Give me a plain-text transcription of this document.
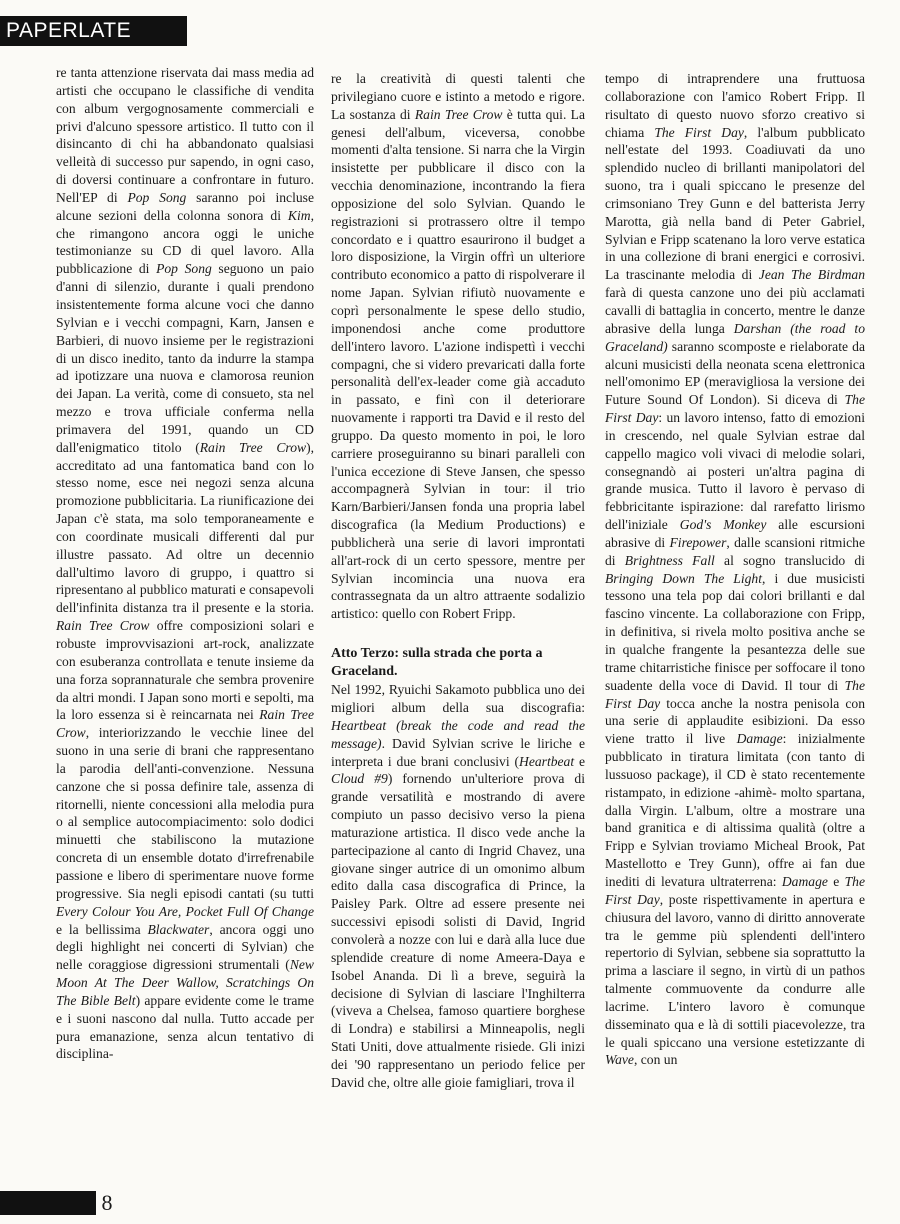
PAPERLATE

re tanta attenzione riservata dai mass media ad artisti che occupano le classifiche di vendita con album vergognosamente commerciali e privi d'alcuno spessore artistico. Il tutto con il disincanto di chi ha abbandonato qualsiasi velleità di successo pur sapendo, in ogni caso, di doversi continuare a confrontare in futuro. Nell'EP di Pop Song saranno poi incluse alcune sezioni della colonna sonora di Kim, che rimangono ancora oggi le uniche testimonianze su CD di quel lavoro. Alla pubblicazione di Pop Song seguono un paio d'anni di silenzio, durante i quali prendono insistentemente forma alcune voci che danno Sylvian e i vecchi compagni, Karn, Jansen e Barbieri, di nuovo insieme per le registrazioni di un disco inedito, tanto da indurre la stampa ad ipotizzare una nuova e clamorosa reunion dei Japan. La verità, come di consueto, sta nel mezzo e trova ufficiale conferma nella primavera del 1991, quando un CD dall'enigmatico titolo (Rain Tree Crow), accreditato ad una fantomatica band con lo stesso nome, esce nei negozi senza alcuna promozione pubblicitaria. La riunificazione dei Japan c'è stata, ma solo temporaneamente e con coordinate musicali differenti dal pur illustre passato. Ad oltre un decennio dall'ultimo lavoro di gruppo, i quattro si ripresentano al pubblico maturati e consapevoli dell'infinita distanza tra il presente e la storia. Rain Tree Crow offre composizioni solari e robuste improvvisazioni art-rock, analizzate con esuberanza controllata e tenute insieme da una forza soprannaturale che sembra provenire da altri mondi. I Japan sono morti e sepolti, ma la loro essenza si è reincarnata nei Rain Tree Crow, interiorizzando le vecchie linee del suono in una serie di brani che rappresentano la parodia dell'anti-convenzione. Nessuna canzone che si possa definire tale, assenza di ritornelli, niente concessioni alla melodia pura o al semplice autocompiacimento: solo dodici minuetti che stabiliscono la mutazione concreta di un ensemble dotato d'irrefrenabile passione e libero di sperimentare nuove forme progressive. Sia negli episodi cantati (su tutti Every Colour You Are, Pocket Full Of Change e la bellissima Blackwater, ancora oggi uno degli highlight nei concerti di Sylvian) che nelle coraggiose digressioni strumentali (New Moon At The Deer Wallow, Scratchings On The Bible Belt) appare evidente come le trame e i suoni nascono dal nulla. Tutto accade per pura emanazione, senza alcun tentativo di disciplina-

re la creatività di questi talenti che privilegiano cuore e istinto a metodo e rigore. La sostanza di Rain Tree Crow è tutta qui. La genesi dell'album, viceversa, conobbe momenti d'alta tensione. Si narra che la Virgin insistette per pubblicare il disco con la vecchia denominazione, incontrando la fiera opposizione del solo Sylvian. Quando le registrazioni si protrassero oltre il tempo concordato e i quattro esaurirono il budget a loro disposizione, la Virgin offrì un ulteriore contributo economico a patto di rispolverare il nome Japan. Sylvian rifiutò nuovamente e coprì personalmente le spese dello studio, imponendosi anche come produttore dell'intero lavoro. L'azione indispettì i vecchi compagni, che si videro prevaricati dalla forte personalità dell'ex-leader come già accaduto in passato, e finì con il deteriorare nuovamente i rapporti tra David e il resto del gruppo. Da questo momento in poi, le loro carriere proseguiranno su binari paralleli con l'unica eccezione di Steve Jansen, che spesso accompagnerà Sylvian in tour: il trio Karn/Barbieri/Jansen fonda una propria label discografica (la Medium Productions) e pubblicherà una serie di lavori improntati all'art-rock di un certo spessore, mentre per Sylvian incomincia una nuova era contrassegnata da un altro attraente sodalizio artistico: quello con Robert Fripp.

Atto Terzo: sulla strada che porta a Graceland.

Nel 1992, Ryuichi Sakamoto pubblica uno dei migliori album della sua discografia: Heartbeat (break the code and read the message). David Sylvian scrive le liriche e interpreta i due brani conclusivi (Heartbeat e Cloud #9) fornendo un'ulteriore prova di grande versatilità e mostrando di avere compiuto un passo decisivo verso la piena maturazione artistica. Il disco vede anche la partecipazione al canto di Ingrid Chavez, una giovane singer autrice di un omonimo album edito dalla casa discografica di Prince, la Paisley Park. Oltre ad essere presente nei successivi episodi solisti di David, Ingrid convolerà a nozze con lui e darà alla luce due splendide creature di nome Ameera-Daya e Isobel Ananda. Di lì a breve, seguirà la decisione di Sylvian di lasciare l'Inghilterra (viveva a Chelsea, famoso quartiere borghese di Londra) e stabilirsi a Minneapolis, negli Stati Uniti, dove attualmente risiede. Gli inizi dei '90 rappresentano un periodo felice per David che, oltre alle gioie famigliari, trova il

tempo di intraprendere una fruttuosa collaborazione con l'amico Robert Fripp. Il risultato di questo nuovo sforzo creativo si chiama The First Day, l'album pubblicato nell'estate del 1993. Coadiuvati da uno splendido nucleo di brillanti manipolatori del suono, tra i quali spiccano le presenze del crimsoniano Trey Gunn e del batterista Jerry Marotta, già nella band di Peter Gabriel, Sylvian e Fripp scatenano la loro verve estatica in una collezione di brani energici e corrosivi. La trascinante melodia di Jean The Birdman farà di questa canzone uno dei più acclamati cavalli di battaglia in concerto, mentre le danze abrasive della lunga Darshan (the road to Graceland) saranno scomposte e rielaborate da alcuni musicisti della neonata scena elettronica nell'omonimo EP (meravigliosa la versione dei Future Sound Of London). Si diceva di The First Day: un lavoro intenso, fatto di emozioni in crescendo, nel quale Sylvian estrae dal cappello magico voli vivaci di melodie solari, consegnandò ai posteri un'altra pagina di grande musica. Tutto il lavoro è pervaso di febbricitante ispirazione: dal rarefatto lirismo dell'iniziale God's Monkey alle escursioni abrasive di Firepower, dalle scansioni ritmiche di Brightness Fall al sogno translucido di Bringing Down The Light, i due musicisti tessono una tela pop dai colori brillanti e dal fascino vincente. La collaborazione con Fripp, in definitiva, si rivela molto positiva anche se in qualche frangente la pesantezza delle sue trame chitarristiche finisce per soffocare il tono suadente della voce di David. Il tour di The First Day tocca anche la nostra penisola con una serie di applaudite esibizioni. Da esso viene tratto il live Damage: inizialmente pubblicato in tiratura limitata (con tanto di lussuoso package), il CD è stato recentemente ristampato, in edizione -ahimè- molto spartana, dalla Virgin. L'album, oltre a mostrare una band granitica e di altissima qualità (oltre a Fripp e Sylvian troviamo Micheal Brook, Pat Mastellotto e Trey Gunn), offre ai fan due inediti di levatura ultraterrena: Damage e The First Day, poste rispettivamente in apertura e chiusura del lavoro, vanno di diritto annoverate tra le gemme più splendenti dell'intero repertorio di Sylvian, sebbene sia soprattutto la prima a lasciare il segno, in virtù di un pathos talmente commuovente da condurre alle lacrime. L'intero lavoro è comunque disseminato qua e là di sottili piacevolezze, tra le quali spiccano una versione estetizzante di Wave, con un

8
